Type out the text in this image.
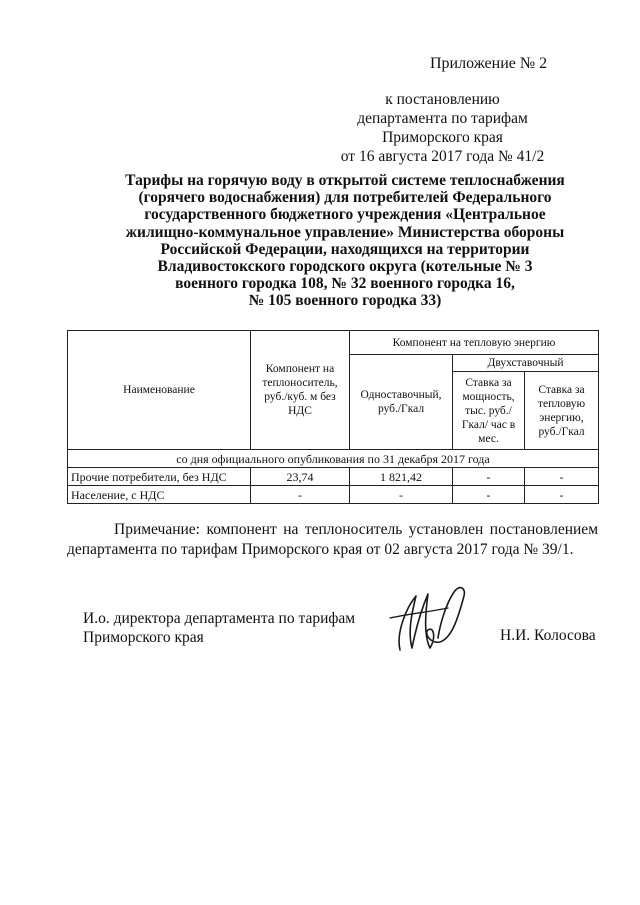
Приложение № 2
к постановлению
департамента по тарифам
Приморского края
от 16 августа 2017 года № 41/2
Тарифы на горячую воду в открытой системе теплоснабжения
(горячего водоснабжения) для потребителей Федерального
государственного бюджетного учреждения «Центральное
жилищно-коммунальное управление» Министерства обороны
Российской Федерации, находящихся на территории
Владивостокского городского округа (котельные № 3
военного городка 108, № 32 военного городка 16,
№ 105 военного городка 33)
Наименование	Компонент на теплоноситель, руб./куб. м без НДС	Компонент на тепловую энергию		
		Одноставочный, руб./Гкал	Двухставочный	
			Ставка за мощность, тыс. руб./Гкал/ час в мес.	Ставка за тепловую энергию, руб./Гкал
со дня официального опубликования по 31 декабря 2017 года				
Прочие потребители, без НДС	23,74	1 821,42	-	-
Население, с НДС	-	-	-	-
Примечание: компонент на теплоноситель установлен постановлением департамента по тарифам Приморского края от 02 августа 2017 года № 39/1.
И.о. директора департамента по тарифам
Приморского края	Н.И. Колосова
